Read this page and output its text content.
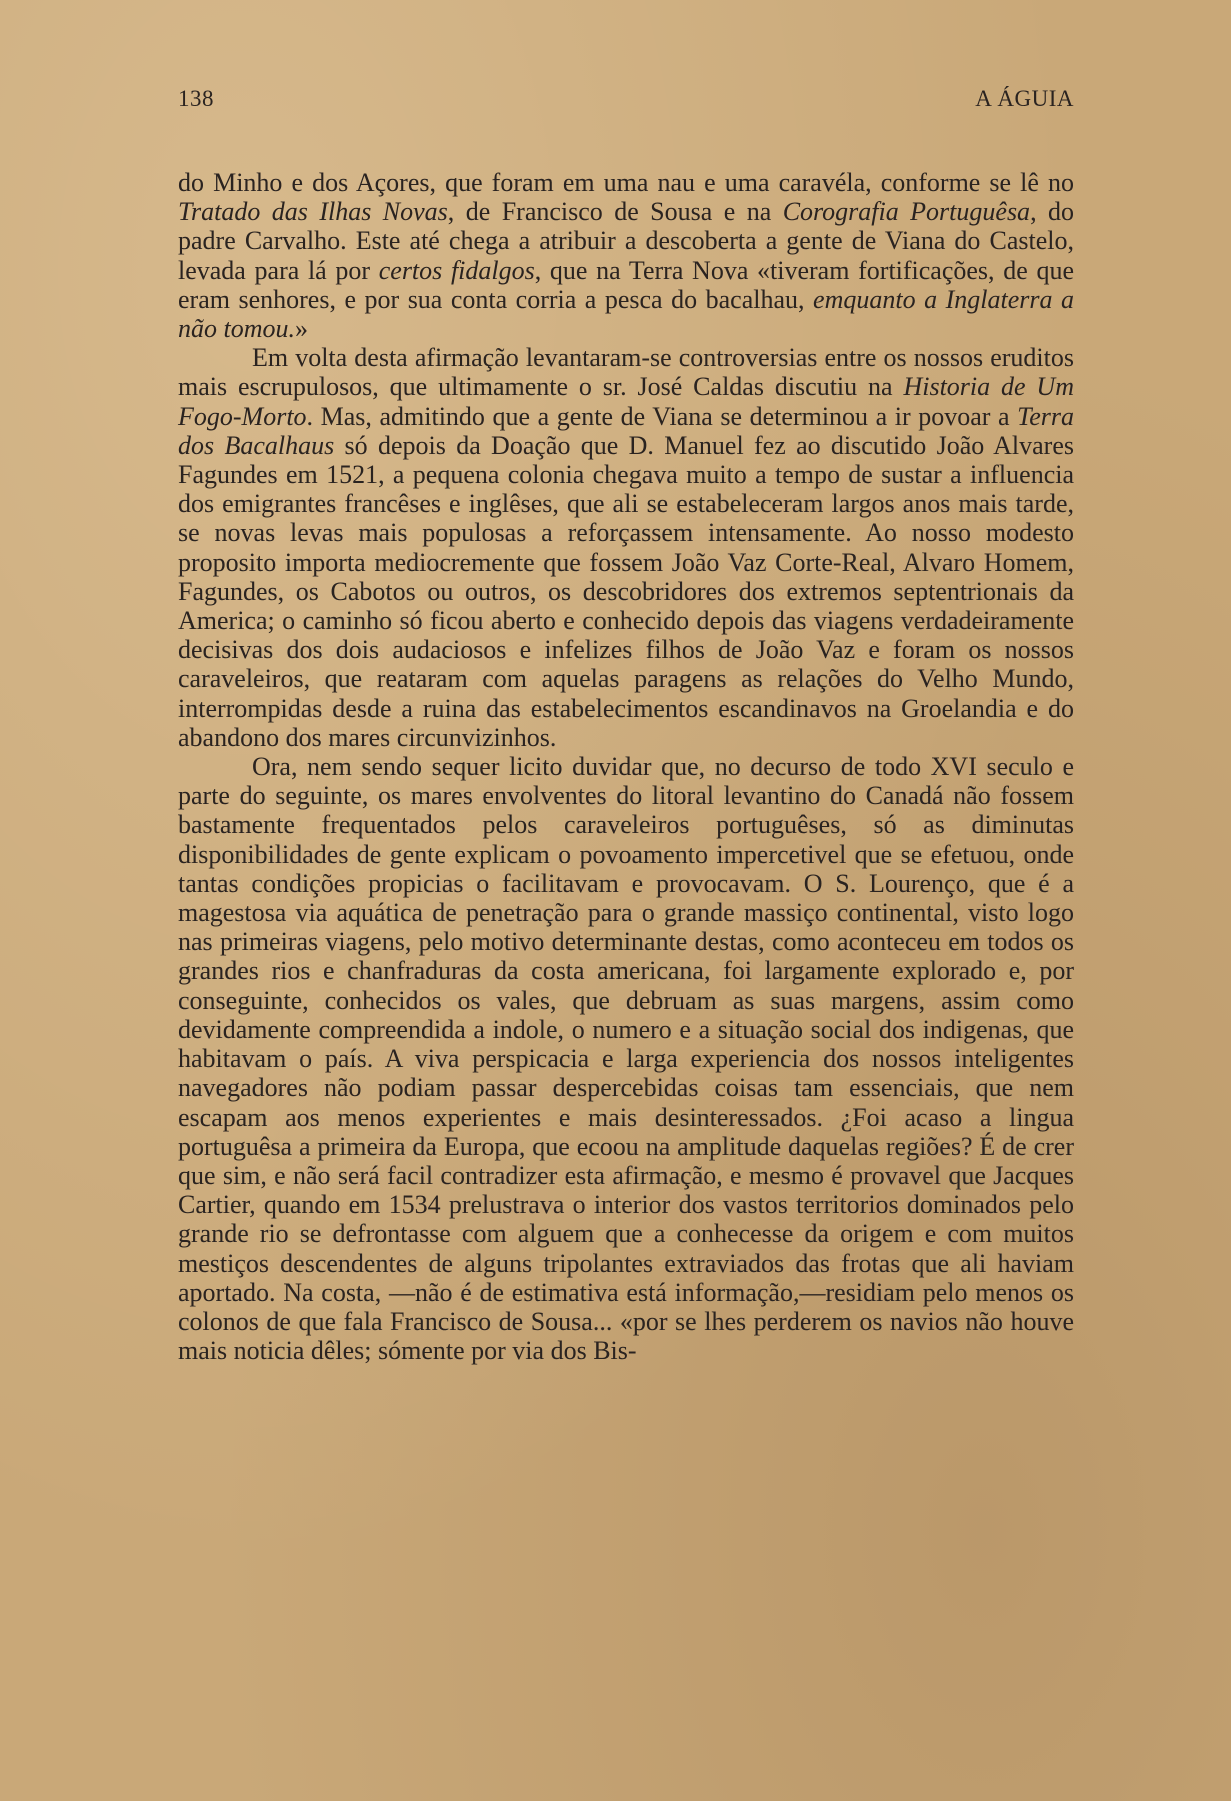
138	A ÁGUIA

do Minho e dos Açores, que foram em uma nau e uma caravéla, conforme se lê no Tratado das Ilhas Novas, de Francisco de Sousa e na Corografia Portuguêsa, do padre Carvalho. Este até chega a atribuir a descoberta a gente de Viana do Castelo, levada para lá por certos fidalgos, que na Terra Nova «tiveram fortificações, de que eram senhores, e por sua conta corria a pesca do bacalhau, emquanto a Inglaterra a não tomou.»

Em volta desta afirmação levantaram-se controversias entre os nossos eruditos mais escrupulosos, que ultimamente o sr. José Caldas discutiu na Historia de Um Fogo-Morto. Mas, admitindo que a gente de Viana se determinou a ir povoar a Terra dos Bacalhaus só depois da Doação que D. Manuel fez ao discutido João Alvares Fagundes em 1521, a pequena colonia chegava muito a tempo de sustar a influencia dos emigrantes francêses e inglêses, que ali se estabeleceram largos anos mais tarde, se novas levas mais populosas a reforçassem intensamente. Ao nosso modesto proposito importa mediocremente que fossem João Vaz Corte-Real, Alvaro Homem, Fagundes, os Cabotos ou outros, os descobridores dos extremos septentrionais da America; o caminho só ficou aberto e conhecido depois das viagens verdadeiramente decisivas dos dois audaciosos e infelizes filhos de João Vaz e foram os nossos caraveleiros, que reataram com aquelas paragens as relações do Velho Mundo, interrompidas desde a ruina das estabelecimentos escandinavos na Groelandia e do abandono dos mares circunvizinhos.

Ora, nem sendo sequer licito duvidar que, no decurso de todo XVI seculo e parte do seguinte, os mares envolventes do litoral levantino do Canadá não fossem bastamente frequentados pelos caraveleiros portuguêses, só as diminutas disponibilidades de gente explicam o povoamento impercetivel que se efetuou, onde tantas condições propicias o facilitavam e provocavam. O S. Lourenço, que é a magestosa via aquática de penetração para o grande massiço continental, visto logo nas primeiras viagens, pelo motivo determinante destas, como aconteceu em todos os grandes rios e chanfraduras da costa americana, foi largamente explorado e, por conseguinte, conhecidos os vales, que debruam as suas margens, assim como devidamente compreendida a indole, o numero e a situação social dos indigenas, que habitavam o país. A viva perspicacia e larga experiencia dos nossos inteligentes navegadores não podiam passar despercebidas coisas tam essenciais, que nem escapam aos menos experientes e mais desinteressados. ¿Foi acaso a lingua portuguêsa a primeira da Europa, que ecoou na amplitude daquelas regiões? É de crer que sim, e não será facil contradizer esta afirmação, e mesmo é provavel que Jacques Cartier, quando em 1534 prelustrava o interior dos vastos territorios dominados pelo grande rio se defrontasse com alguem que a conhecesse da origem e com muitos mestiços descendentes de alguns tripolantes extraviados das frotas que ali haviam aportado. Na costa, —não é de estimativa está informação,—residiam pelo menos os colonos de que fala Francisco de Sousa... «por se lhes perderem os navios não houve mais noticia dêles; sómente por via dos Bis-
